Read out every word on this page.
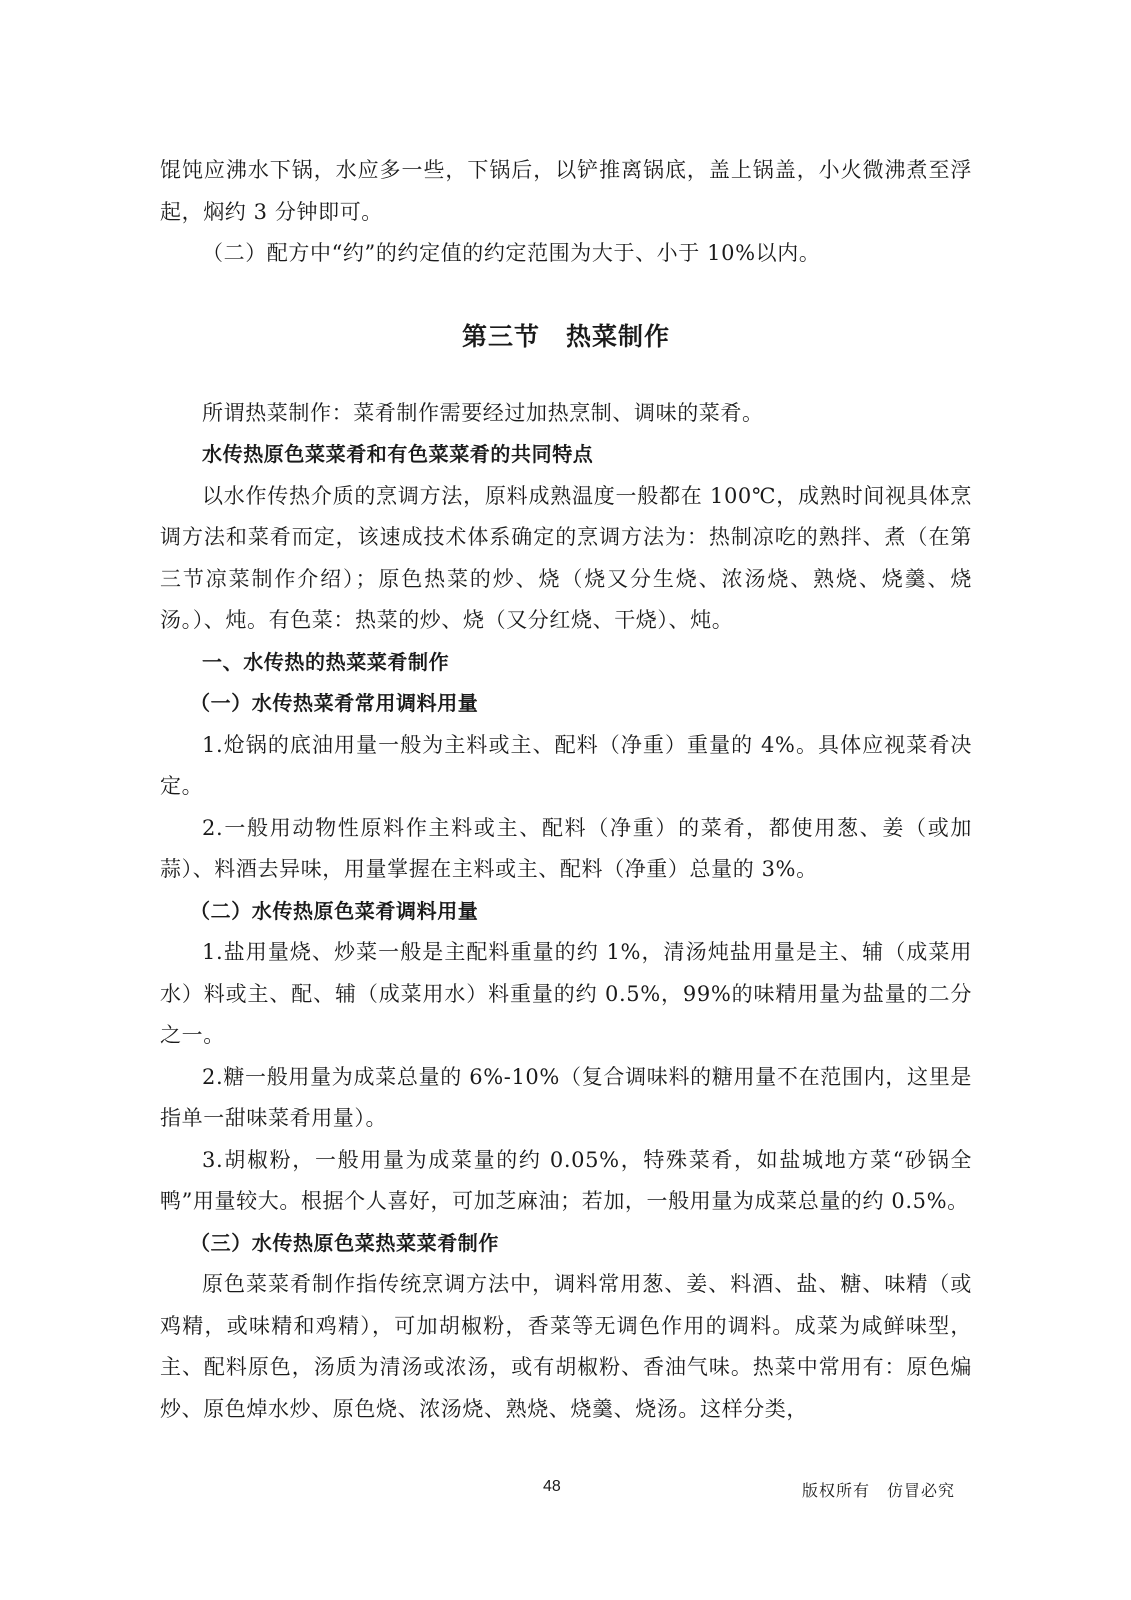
馄饨应沸水下锅，水应多一些，下锅后，以铲推离锅底，盖上锅盖，小火微沸煮至浮起，焖约 3 分钟即可。

（二）配方中“约”的约定值的约定范围为大于、小于 10%以内。

第三节　热菜制作

所谓热菜制作：菜肴制作需要经过加热烹制、调味的菜肴。

水传热原色菜菜肴和有色菜菜肴的共同特点

以水作传热介质的烹调方法，原料成熟温度一般都在 100℃，成熟时间视具体烹调方法和菜肴而定，该速成技术体系确定的烹调方法为：热制凉吃的熟拌、煮（在第三节凉菜制作介绍）；原色热菜的炒、烧（烧又分生烧、浓汤烧、熟烧、烧羹、烧汤。）、炖。有色菜：热菜的炒、烧（又分红烧、干烧）、炖。

一、水传热的热菜菜肴制作

（一）水传热菜肴常用调料用量

1.炝锅的底油用量一般为主料或主、配料（净重）重量的 4%。具体应视菜肴决定。

2.一般用动物性原料作主料或主、配料（净重）的菜肴，都使用葱、姜（或加蒜）、料酒去异味，用量掌握在主料或主、配料（净重）总量的 3%。

（二）水传热原色菜肴调料用量

1.盐用量烧、炒菜一般是主配料重量的约 1%，清汤炖盐用量是主、辅（成菜用水）料或主、配、辅（成菜用水）料重量的约 0.5%，99%的味精用量为盐量的二分之一。

2.糖一般用量为成菜总量的 6%-10%（复合调味料的糖用量不在范围内，这里是指单一甜味菜肴用量）。

3.胡椒粉，一般用量为成菜量的约 0.05%，特殊菜肴，如盐城地方菜“砂锅全鸭”用量较大。根据个人喜好，可加芝麻油；若加，一般用量为成菜总量的约 0.5%。

（三）水传热原色菜热菜菜肴制作

原色菜菜肴制作指传统烹调方法中，调料常用葱、姜、料酒、盐、糖、味精（或鸡精，或味精和鸡精），可加胡椒粉，香菜等无调色作用的调料。成菜为咸鲜味型，主、配料原色，汤质为清汤或浓汤，或有胡椒粉、香油气味。热菜中常用有：原色煸炒、原色焯水炒、原色烧、浓汤烧、熟烧、烧羹、烧汤。这样分类，

48	版权所有　仿冒必究
